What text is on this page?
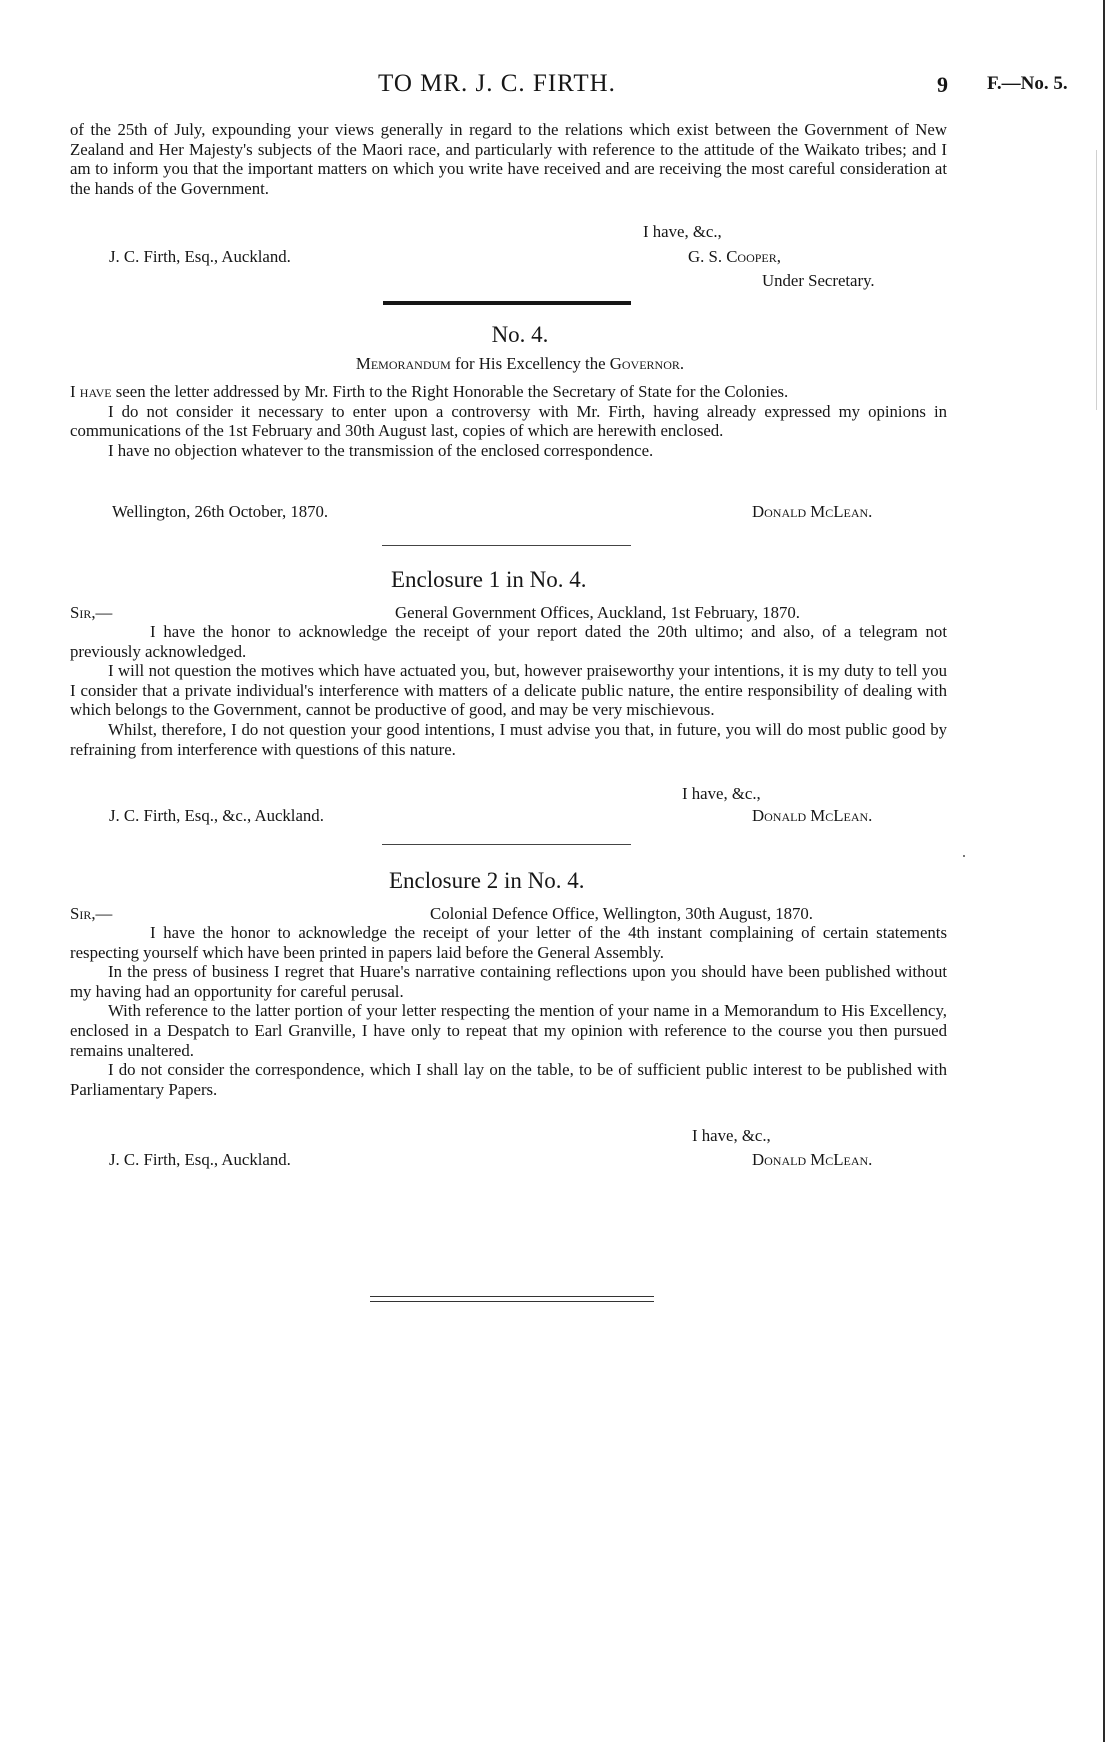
TO MR. J. C. FIRTH.	9 F.—No. 5.

of the 25th of July, expounding your views generally in regard to the relations which exist between the Government of New Zealand and Her Majesty's subjects of the Maori race, and particularly with reference to the attitude of the Waikato tribes; and I am to inform you that the important matters on which you write have received and are receiving the most careful consideration at the hands of the Government.

I have, &c.,
J. C. Firth, Esq., Auckland.	G. S. Cooper,
Under Secretary.
No. 4.
Memorandum for His Excellency the Governor.

I have seen the letter addressed by Mr. Firth to the Right Honorable the Secretary of State for the Colonies.

I do not consider it necessary to enter upon a controversy with Mr. Firth, having already expressed my opinions in communications of the 1st February and 30th August last, copies of which are herewith enclosed.

I have no objection whatever to the transmission of the enclosed correspondence.

Wellington, 26th October, 1870.	Donald McLean.
Enclosure 1 in No. 4.
Sir,—	General Government Offices, Auckland, 1st February, 1870.

I have the honor to acknowledge the receipt of your report dated the 20th ultimo; and also, of a telegram not previously acknowledged.

I will not question the motives which have actuated you, but, however praiseworthy your intentions, it is my duty to tell you I consider that a private individual's interference with matters of a delicate public nature, the entire responsibility of dealing with which belongs to the Government, cannot be productive of good, and may be very mischievous.

Whilst, therefore, I do not question your good intentions, I must advise you that, in future, you will do most public good by refraining from interference with questions of this nature.

I have, &c.,
J. C. Firth, Esq., &c., Auckland.	Donald McLean.
Enclosure 2 in No. 4.
Sir,—	Colonial Defence Office, Wellington, 30th August, 1870.

I have the honor to acknowledge the receipt of your letter of the 4th instant complaining of certain statements respecting yourself which have been printed in papers laid before the General Assembly.

In the press of business I regret that Huare's narrative containing reflections upon you should have been published without my having had an opportunity for careful perusal.

With reference to the latter portion of your letter respecting the mention of your name in a Memorandum to His Excellency, enclosed in a Despatch to Earl Granville, I have only to repeat that my opinion with reference to the course you then pursued remains unaltered.

I do not consider the correspondence, which I shall lay on the table, to be of sufficient public interest to be published with Parliamentary Papers.

I have, &c.,
J. C. Firth, Esq., Auckland.	Donald McLean.
